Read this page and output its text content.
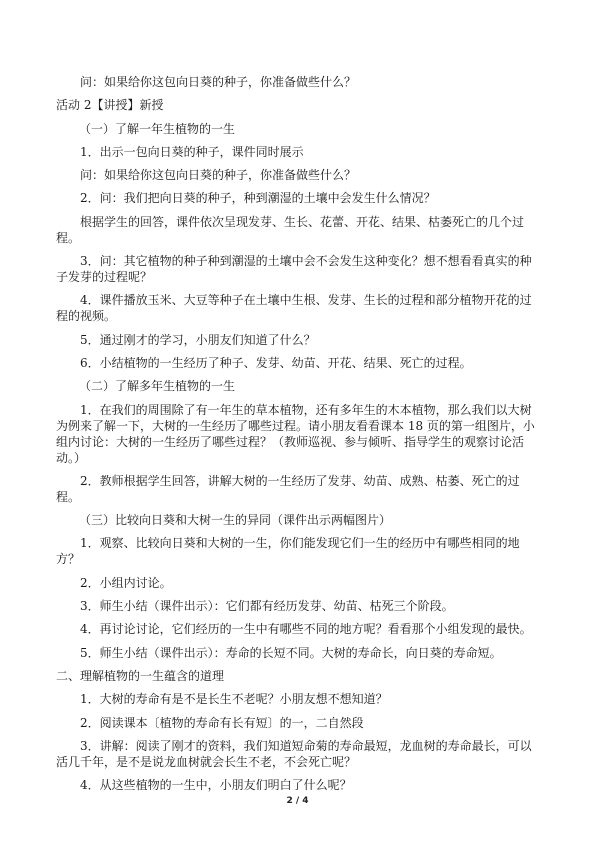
问：如果给你这包向日葵的种子，你准备做些什么？

活动 2【讲授】新授

（一）了解一年生植物的一生

1．出示一包向日葵的种子，课件同时展示

问：如果给你这包向日葵的种子，你准备做些什么？

2．问：我们把向日葵的种子，种到潮湿的土壤中会发生什么情况？

根据学生的回答，课件依次呈现发芽、生长、花蕾、开花、结果、枯萎死亡的几个过程。

3．问：其它植物的种子种到潮湿的土壤中会不会发生这种变化？想不想看看真实的种子发芽的过程呢？

4．课件播放玉米、大豆等种子在土壤中生根、发芽、生长的过程和部分植物开花的过程的视频。

5．通过刚才的学习，小朋友们知道了什么？

6．小结植物的一生经历了种子、发芽、幼苗、开花、结果、死亡的过程。

（二）了解多年生植物的一生

1．在我们的周围除了有一年生的草本植物，还有多年生的木本植物，那么我们以大树为例来了解一下，大树的一生经历了哪些过程。请小朋友看看课本 18 页的第一组图片，小组内讨论：大树的一生经历了哪些过程？（教师巡视、参与倾听、指导学生的观察讨论活动。）

2．教师根据学生回答，讲解大树的一生经历了发芽、幼苗、成熟、枯萎、死亡的过程。

（三）比较向日葵和大树一生的异同（课件出示两幅图片）

1．观察、比较向日葵和大树的一生，你们能发现它们一生的经历中有哪些相同的地方？

2．小组内讨论。

3．师生小结（课件出示）：它们都有经历发芽、幼苗、枯死三个阶段。

4．再讨论讨论，它们经历的一生中有哪些不同的地方呢？看看那个小组发现的最快。

5．师生小结（课件出示）：寿命的长短不同。大树的寿命长，向日葵的寿命短。

二、理解植物的一生蕴含的道理

1．大树的寿命有是不是长生不老呢？小朋友想不想知道？

2．阅读课本〔植物的寿命有长有短〕的一，二自然段

3．讲解：阅读了刚才的资料，我们知道短命菊的寿命最短，龙血树的寿命最长，可以活几千年，是不是说龙血树就会长生不老，不会死亡呢？

4．从这些植物的一生中，小朋友们明白了什么呢？

2 / 4
